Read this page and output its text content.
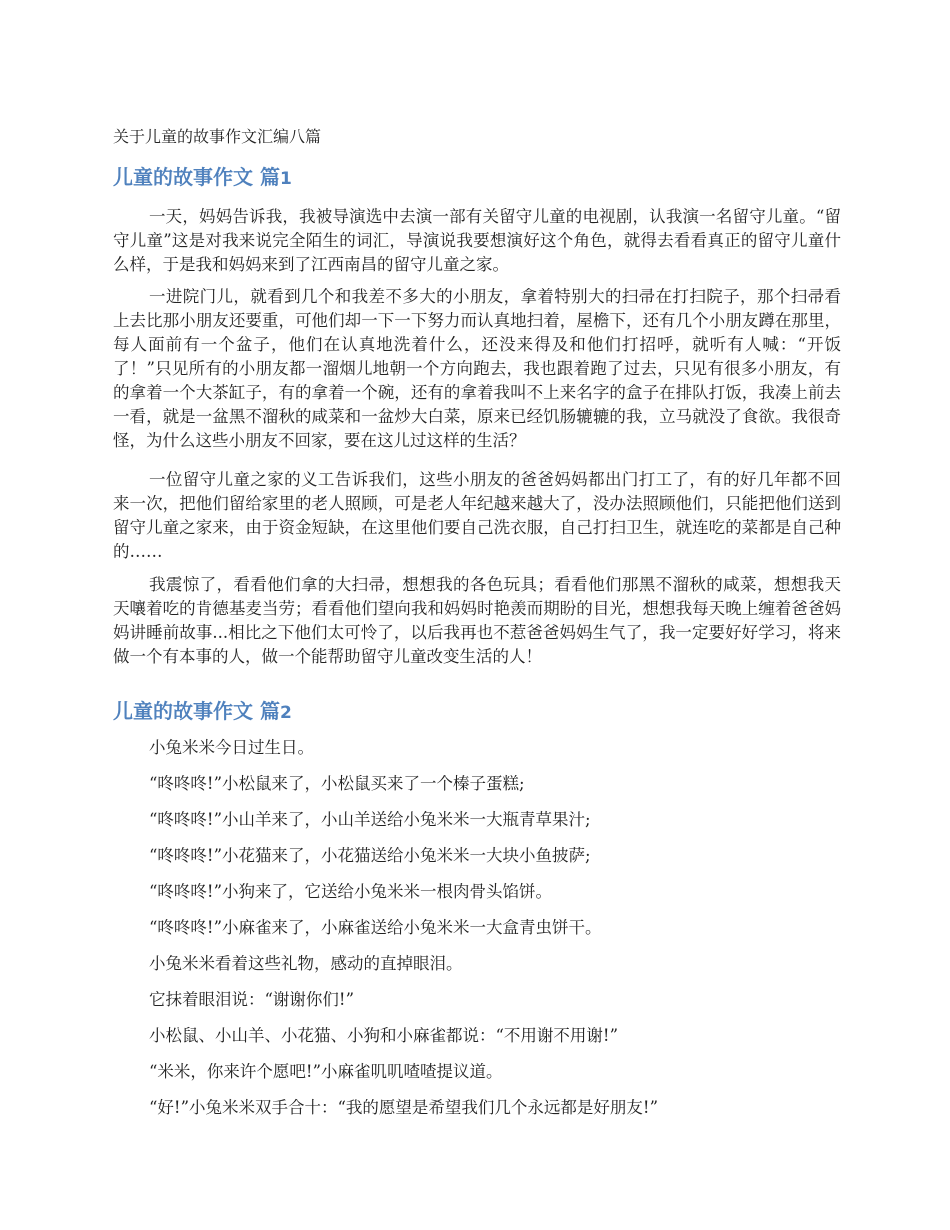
关于儿童的故事作文汇编八篇

儿童的故事作文 篇1

一天，妈妈告诉我，我被导演选中去演一部有关留守儿童的电视剧，认我演一名留守儿童。“留守儿童”这是对我来说完全陌生的词汇，导演说我要想演好这个角色，就得去看看真正的留守儿童什么样，于是我和妈妈来到了江西南昌的留守儿童之家。

一进院门儿，就看到几个和我差不多大的小朋友，拿着特别大的扫帚在打扫院子，那个扫帚看上去比那小朋友还要重，可他们却一下一下努力而认真地扫着，屋檐下，还有几个小朋友蹲在那里，每人面前有一个盆子，他们在认真地洗着什么，还没来得及和他们打招呼，就听有人喊：“开饭了！”只见所有的小朋友都一溜烟儿地朝一个方向跑去，我也跟着跑了过去，只见有很多小朋友，有的拿着一个大茶缸子，有的拿着一个碗，还有的拿着我叫不上来名字的盒子在排队打饭，我凑上前去一看，就是一盆黑不溜秋的咸菜和一盆炒大白菜，原来已经饥肠辘辘的我，立马就没了食欲。我很奇怪，为什么这些小朋友不回家，要在这儿过这样的生活？

一位留守儿童之家的义工告诉我们，这些小朋友的爸爸妈妈都出门打工了，有的好几年都不回来一次，把他们留给家里的老人照顾，可是老人年纪越来越大了，没办法照顾他们，只能把他们送到留守儿童之家来，由于资金短缺，在这里他们要自己洗衣服，自己打扫卫生，就连吃的菜都是自己种的……

我震惊了，看看他们拿的大扫帚，想想我的各色玩具；看看他们那黑不溜秋的咸菜，想想我天天嚷着吃的肯德基麦当劳；看看他们望向我和妈妈时艳羡而期盼的目光，想想我每天晚上缠着爸爸妈妈讲睡前故事...相比之下他们太可怜了，以后我再也不惹爸爸妈妈生气了，我一定要好好学习，将来做一个有本事的人，做一个能帮助留守儿童改变生活的人！

儿童的故事作文 篇2

小兔米米今日过生日。

“咚咚咚!”小松鼠来了，小松鼠买来了一个榛子蛋糕;

“咚咚咚!”小山羊来了，小山羊送给小兔米米一大瓶青草果汁;

“咚咚咚!”小花猫来了，小花猫送给小兔米米一大块小鱼披萨;

“咚咚咚!”小狗来了，它送给小兔米米一根肉骨头馅饼。

“咚咚咚!”小麻雀来了，小麻雀送给小兔米米一大盒青虫饼干。

小兔米米看着这些礼物，感动的直掉眼泪。

它抹着眼泪说：“谢谢你们!”

小松鼠、小山羊、小花猫、小狗和小麻雀都说：“不用谢不用谢!”

“米米，你来许个愿吧!”小麻雀叽叽喳喳提议道。

“好!”小兔米米双手合十：“我的愿望是希望我们几个永远都是好朋友!”
